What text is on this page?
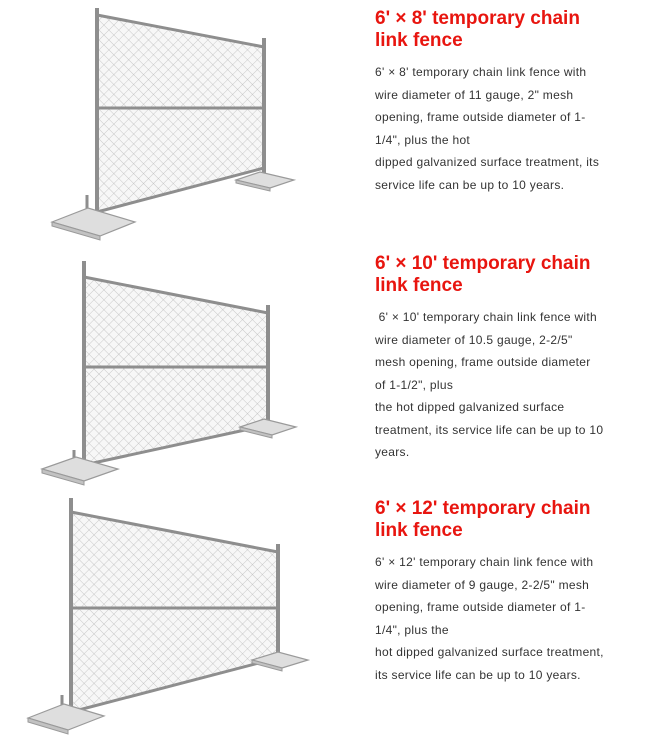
6' × 8' temporary chain
link fence
6' × 8' temporary chain link fence with
wire diameter of 11 gauge, 2" mesh
opening, frame outside diameter of 1-
1/4", plus the hot
dipped galvanized surface treatment, its
service life can be up to 10 years.
6' × 10' temporary chain
link fence
6' × 10' temporary chain link fence with
wire diameter of 10.5 gauge, 2-2/5"
mesh opening, frame outside diameter
of 1-1/2", plus
the hot dipped galvanized surface
treatment, its service life can be up to 10
years.
6' × 12' temporary chain
link fence
6' × 12' temporary chain link fence with
wire diameter of 9 gauge, 2-2/5" mesh
opening, frame outside diameter of 1-
1/4", plus the
hot dipped galvanized surface treatment,
its service life can be up to 10 years.
